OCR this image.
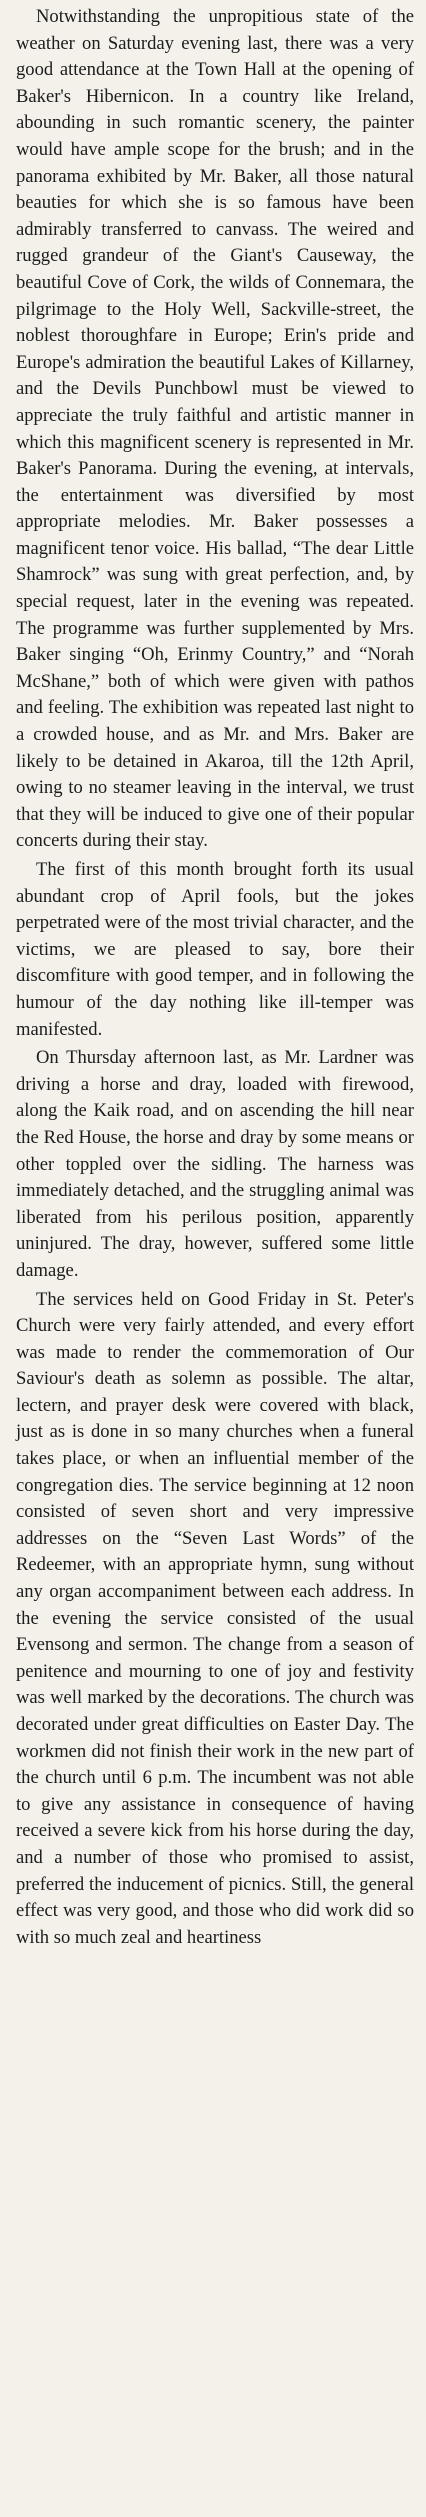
Notwithstanding the unpropitious state of the weather on Saturday evening last, there was a very good attendance at the Town Hall at the opening of Baker's Hibernicon. In a country like Ireland, abounding in such romantic scenery, the painter would have ample scope for the brush; and in the panorama exhibited by Mr. Baker, all those natural beauties for which she is so famous have been admirably transferred to canvass. The weired and rugged grandeur of the Giant's Causeway, the beautiful Cove of Cork, the wilds of Connemara, the pilgrimage to the Holy Well, Sackville-street, the noblest thoroughfare in Europe; Erin's pride and Europe's admiration the beautiful Lakes of Killarney, and the Devils Punchbowl must be viewed to appreciate the truly faithful and artistic manner in which this magnificent scenery is represented in Mr. Baker's Panorama. During the evening, at intervals, the entertainment was diversified by most appropriate melodies. Mr. Baker possesses a magnificent tenor voice. His ballad, “The dear Little Shamrock” was sung with great perfection, and, by special request, later in the evening was repeated. The programme was further supplemented by Mrs. Baker singing “Oh, Erinmy Country,” and “Norah McShane,” both of which were given with pathos and feeling. The exhibition was repeated last night to a crowded house, and as Mr. and Mrs. Baker are likely to be detained in Akaroa, till the 12th April, owing to no steamer leaving in the interval, we trust that they will be induced to give one of their popular concerts during their stay.

The first of this month brought forth its usual abundant crop of April fools, but the jokes perpetrated were of the most trivial character, and the victims, we are pleased to say, bore their discomfiture with good temper, and in following the humour of the day nothing like ill-temper was manifested.

On Thursday afternoon last, as Mr. Lardner was driving a horse and dray, loaded with firewood, along the Kaik road, and on ascending the hill near the Red House, the horse and dray by some means or other toppled over the sidling. The harness was immediately detached, and the struggling animal was liberated from his perilous position, apparently uninjured. The dray, however, suffered some little damage.

The services held on Good Friday in St. Peter's Church were very fairly attended, and every effort was made to render the commemoration of Our Saviour's death as solemn as possible. The altar, lectern, and prayer desk were covered with black, just as is done in so many churches when a funeral takes place, or when an influential member of the congregation dies. The service beginning at 12 noon consisted of seven short and very impressive addresses on the “Seven Last Words” of the Redeemer, with an appropriate hymn, sung without any organ accompaniment between each address. In the evening the service consisted of the usual Evensong and sermon. The change from a season of penitence and mourning to one of joy and festivity was well marked by the decorations. The church was decorated under great difficulties on Easter Day. The workmen did not finish their work in the new part of the church until 6 p.m. The incumbent was not able to give any assistance in consequence of having received a severe kick from his horse during the day, and a number of those who promised to assist, preferred the inducement of picnics. Still, the general effect was very good, and those who did work did so with so much zeal and heartiness
